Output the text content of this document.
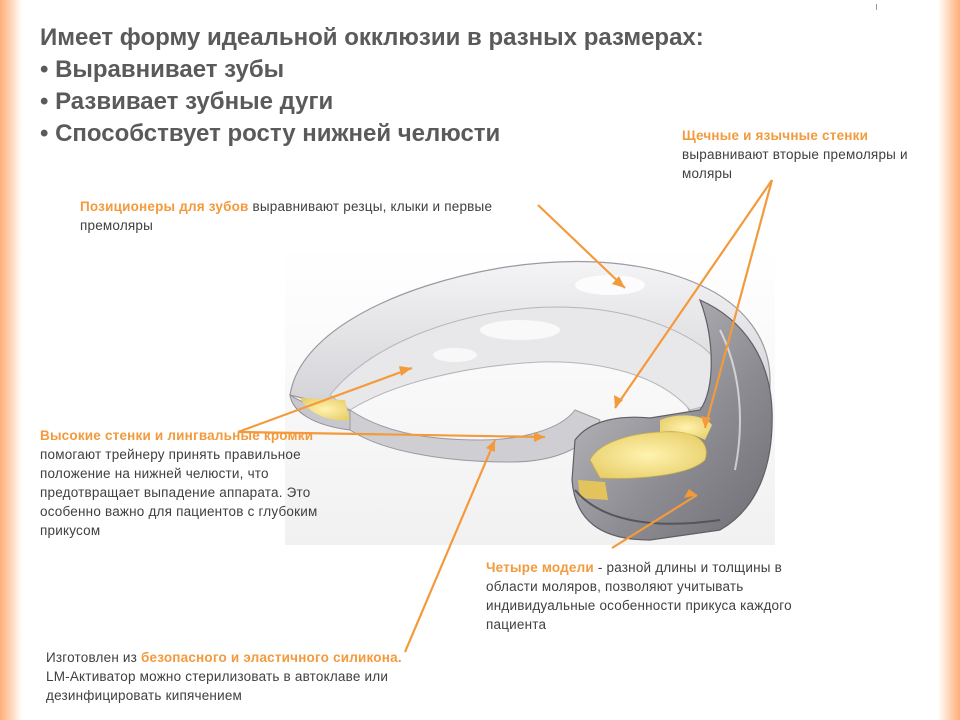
Имеет форму идеальной окклюзии в разных размерах:
• Выравнивает зубы
• Развивает зубные дуги
• Способствует росту нижней челюсти	Щечные и язычные стенки
выравнивают вторые премоляры и моляры
Позиционеры для зубов выравнивают резцы, клыки и первые премоляры
Высокие стенки и лингвальные кромки помогают трейнеру принять правильное положение на нижней челюсти, что предотвращает выпадение аппарата. Это особенно важно для пациентов с глубоким прикусом
Четыре модели - разной длины и толщины в области моляров, позволяют учитывать индивидуальные особенности прикуса каждого пациента
Изготовлен из безопасного и эластичного силикона. LM-Активатор можно стерилизовать в автоклаве или дезинфицировать кипячением
